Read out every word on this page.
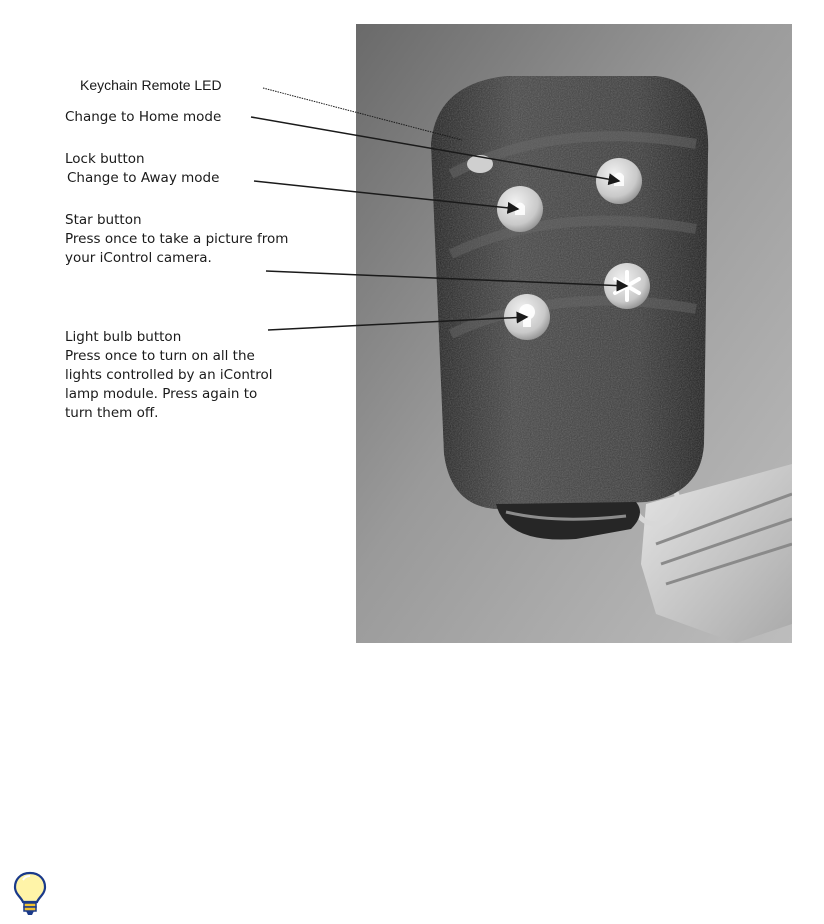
Keychain Remote LED

Change to Home mode

Lock button
Change to Away mode
Star button
Press once to take a picture from
your iControl camera.
Light bulb button
Press once to turn on all the
lights controlled by an iControl
lamp module. Press again to
turn them off.
